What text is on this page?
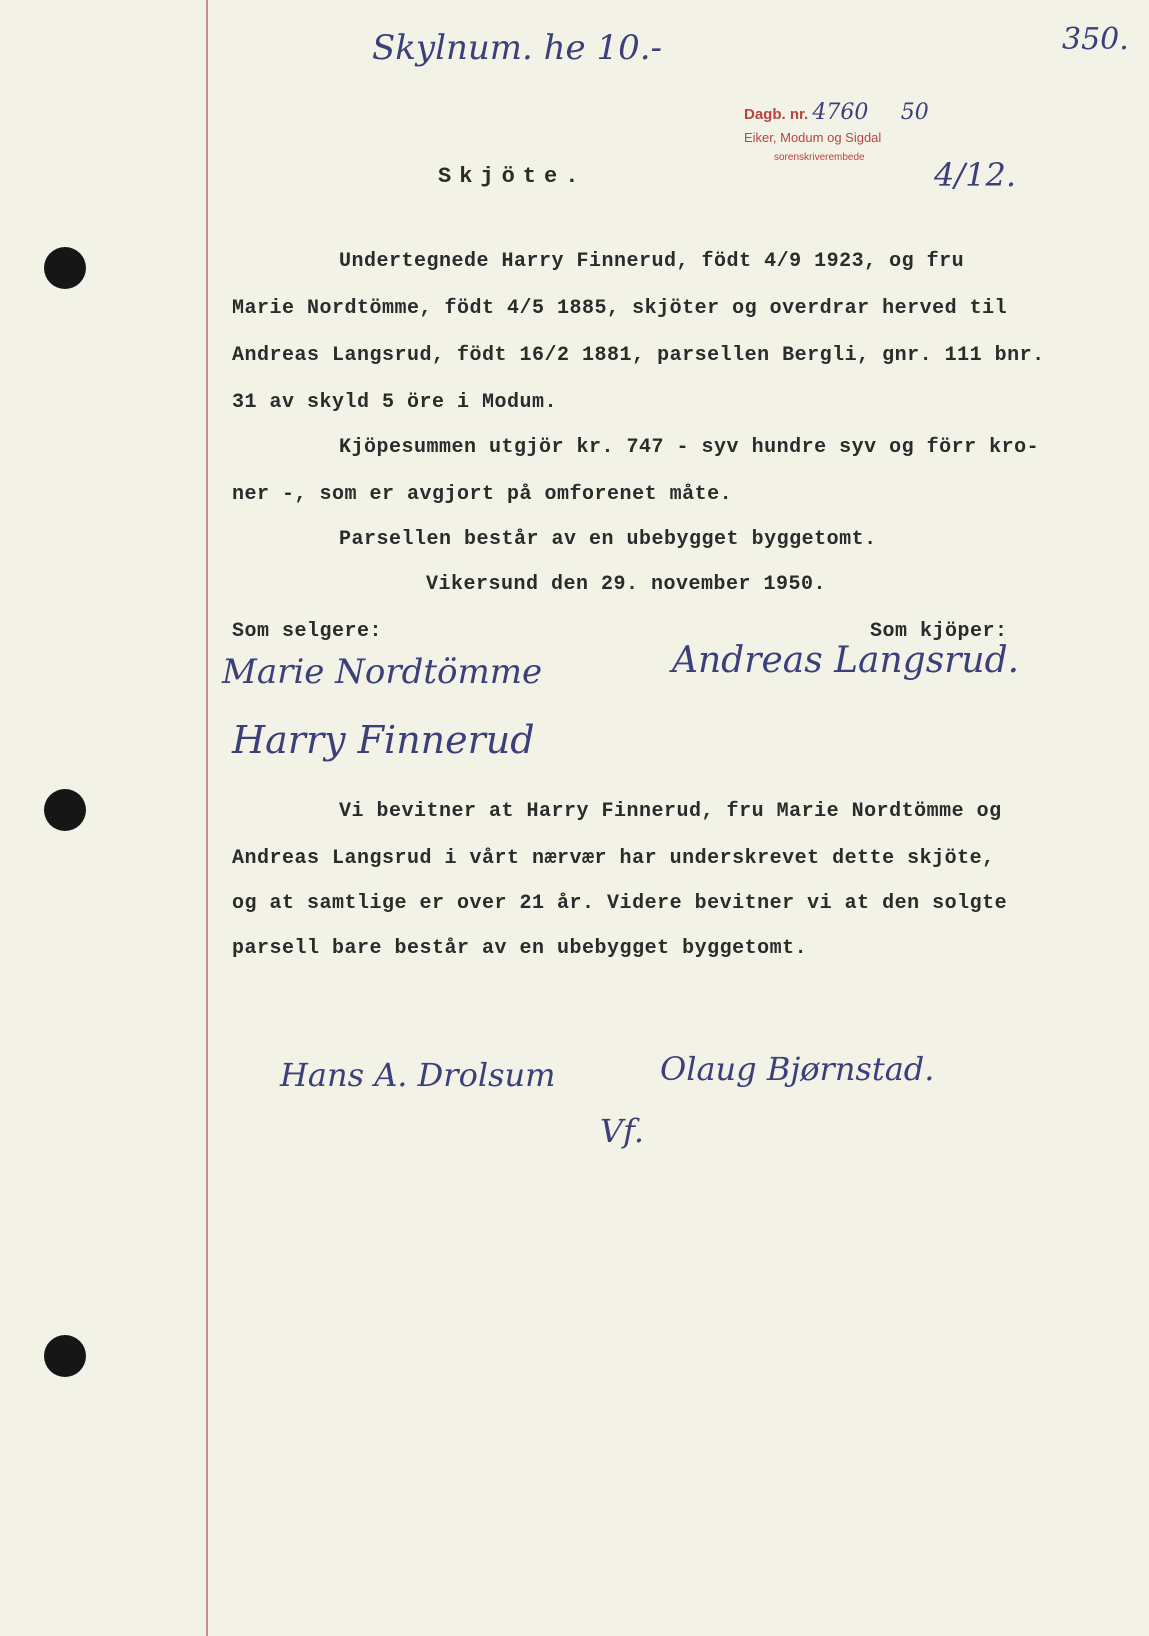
Skylnum. he 10.-	350.
Dagb. nr. 4760 50
Eiker, Modum og Sigdal
sorenskriverembede 4/12.
Skjöte.
Undertegnede Harry Finnerud, födt 4/9 1923, og fru
Marie Nordtömme, födt 4/5 1885, skjöter og overdrar herved til
Andreas Langsrud, födt 16/2 1881, parsellen Bergli, gnr. 111 bnr.
31 av skyld 5 öre i Modum.
Kjöpesummen utgjör kr. 747 - syv hundre syv og förr kro-
ner -, som er avgjort på omforenet måte.
Parsellen består av en ubebygget byggetomt.
Vikersund den 29. november 1950.
Som selgere:	Som kjöper:
Marie Nordtömme	Andreas Langsrud.
Harry Finnerud
Vi bevitner at Harry Finnerud, fru Marie Nordtömme og
Andreas Langsrud i vårt nærvær har underskrevet dette skjöte,
og at samtlige er over 21 år. Videre bevitner vi at den solgte
parsell bare består av en ubebygget byggetomt.
Hans A. Drolsum	Olaug Bjørnstad.
Vf.
